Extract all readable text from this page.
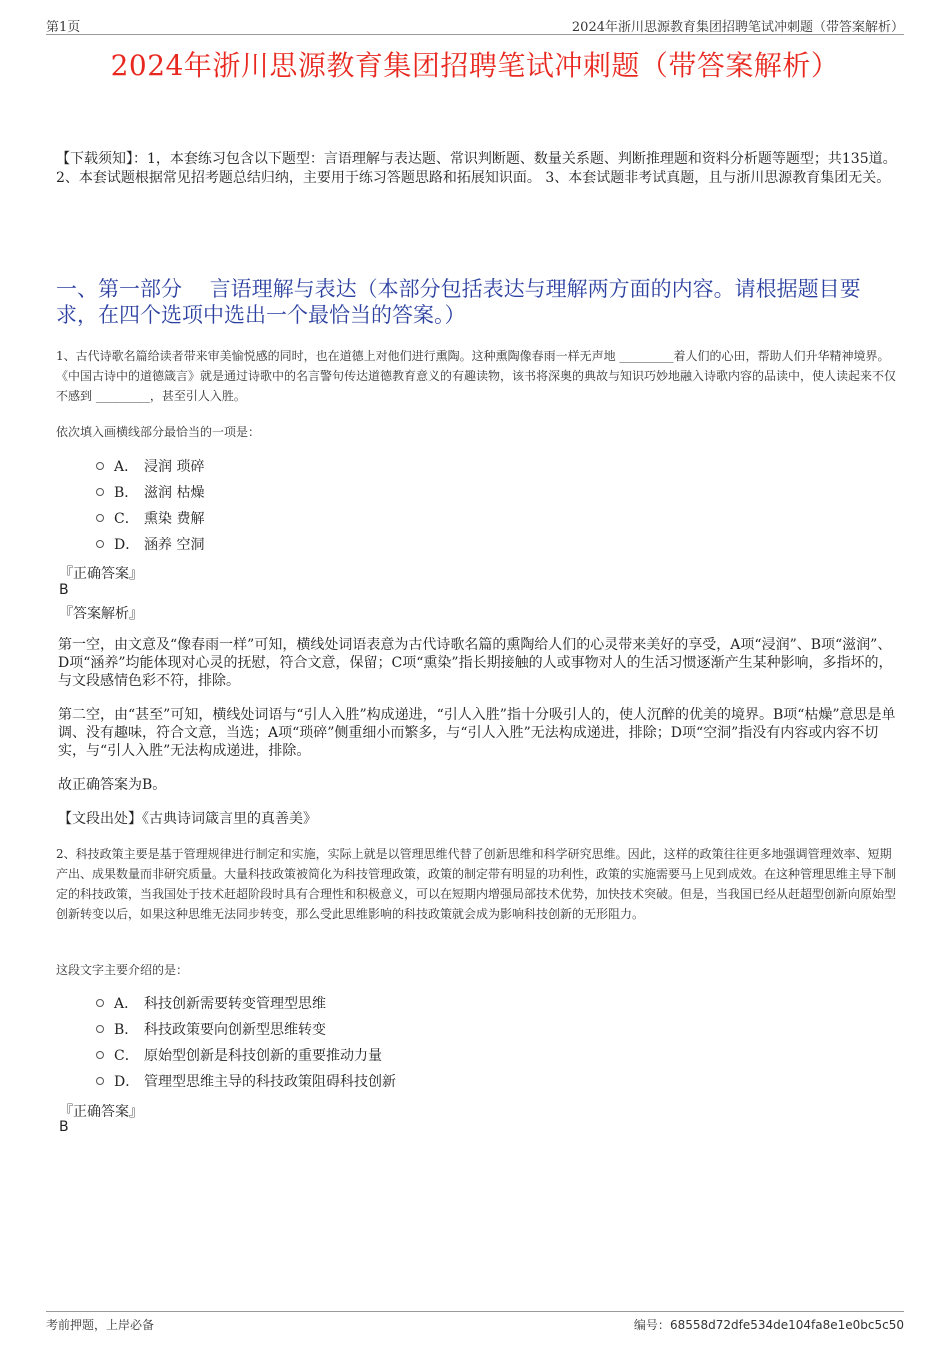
第1页	2024年浙川思源教育集团招聘笔试冲刺题（带答案解析）
2024年浙川思源教育集团招聘笔试冲刺题（带答案解析）
【下载须知】：1，本套练习包含以下题型：言语理解与表达题、常识判断题、数量关系题、判断推理题和资料分析题等题型；共135道。 2、本套试题根据常见招考题总结归纳，主要用于练习答题思路和拓展知识面。 3、本套试题非考试真题，且与浙川思源教育集团无关。
一、第一部分　 言语理解与表达（本部分包括表达与理解两方面的内容。请根据题目要求，在四个选项中选出一个最恰当的答案。）
1、古代诗歌名篇给读者带来审美愉悦感的同时，也在道德上对他们进行熏陶。这种熏陶像春雨一样无声地 _________着人们的心田，帮助人们升华精神境界。《中国古诗中的道德箴言》就是通过诗歌中的名言警句传达道德教育意义的有趣读物，该书将深奥的典故与知识巧妙地融入诗歌内容的品读中，使人读起来不仅不感到 _________，甚至引人入胜。
依次填入画横线部分最恰当的一项是：
A． 浸润 琐碎
B． 滋润 枯燥
C． 熏染 费解
D． 涵养 空洞
『正确答案』
B
『答案解析』
第一空，由文意及“像春雨一样”可知，横线处词语表意为古代诗歌名篇的熏陶给人们的心灵带来美好的享受，A项“浸润”、B项“滋润”、D项“涵养”均能体现对心灵的抚慰，符合文意，保留；C项“熏染”指长期接触的人或事物对人的生活习惯逐渐产生某种影响，多指坏的，与文段感情色彩不符，排除。
第二空，由“甚至”可知，横线处词语与“引人入胜”构成递进，“引人入胜”指十分吸引人的，使人沉醉的优美的境界。B项“枯燥”意思是单调、没有趣味，符合文意，当选；A项“琐碎”侧重细小而繁多，与“引人入胜”无法构成递进，排除；D项“空洞”指没有内容或内容不切实，与“引人入胜”无法构成递进，排除。
故正确答案为B。
【文段出处】《古典诗词箴言里的真善美》
2、科技政策主要是基于管理规律进行制定和实施，实际上就是以管理思维代替了创新思维和科学研究思维。因此，这样的政策往往更多地强调管理效率、短期产出、成果数量而非研究质量。大量科技政策被简化为科技管理政策，政策的制定带有明显的功利性，政策的实施需要马上见到成效。在这种管理思维主导下制定的科技政策，当我国处于技术赶超阶段时具有合理性和积极意义，可以在短期内增强局部技术优势，加快技术突破。但是，当我国已经从赶超型创新向原始型创新转变以后，如果这种思维无法同步转变，那么受此思维影响的科技政策就会成为影响科技创新的无形阻力。
这段文字主要介绍的是：
A． 科技创新需要转变管理型思维
B． 科技政策要向创新型思维转变
C． 原始型创新是科技创新的重要推动力量
D． 管理型思维主导的科技政策阻碍科技创新
『正确答案』
B
考前押题，上岸必备	编号：68558d72dfe534de104fa8e1e0bc5c50
